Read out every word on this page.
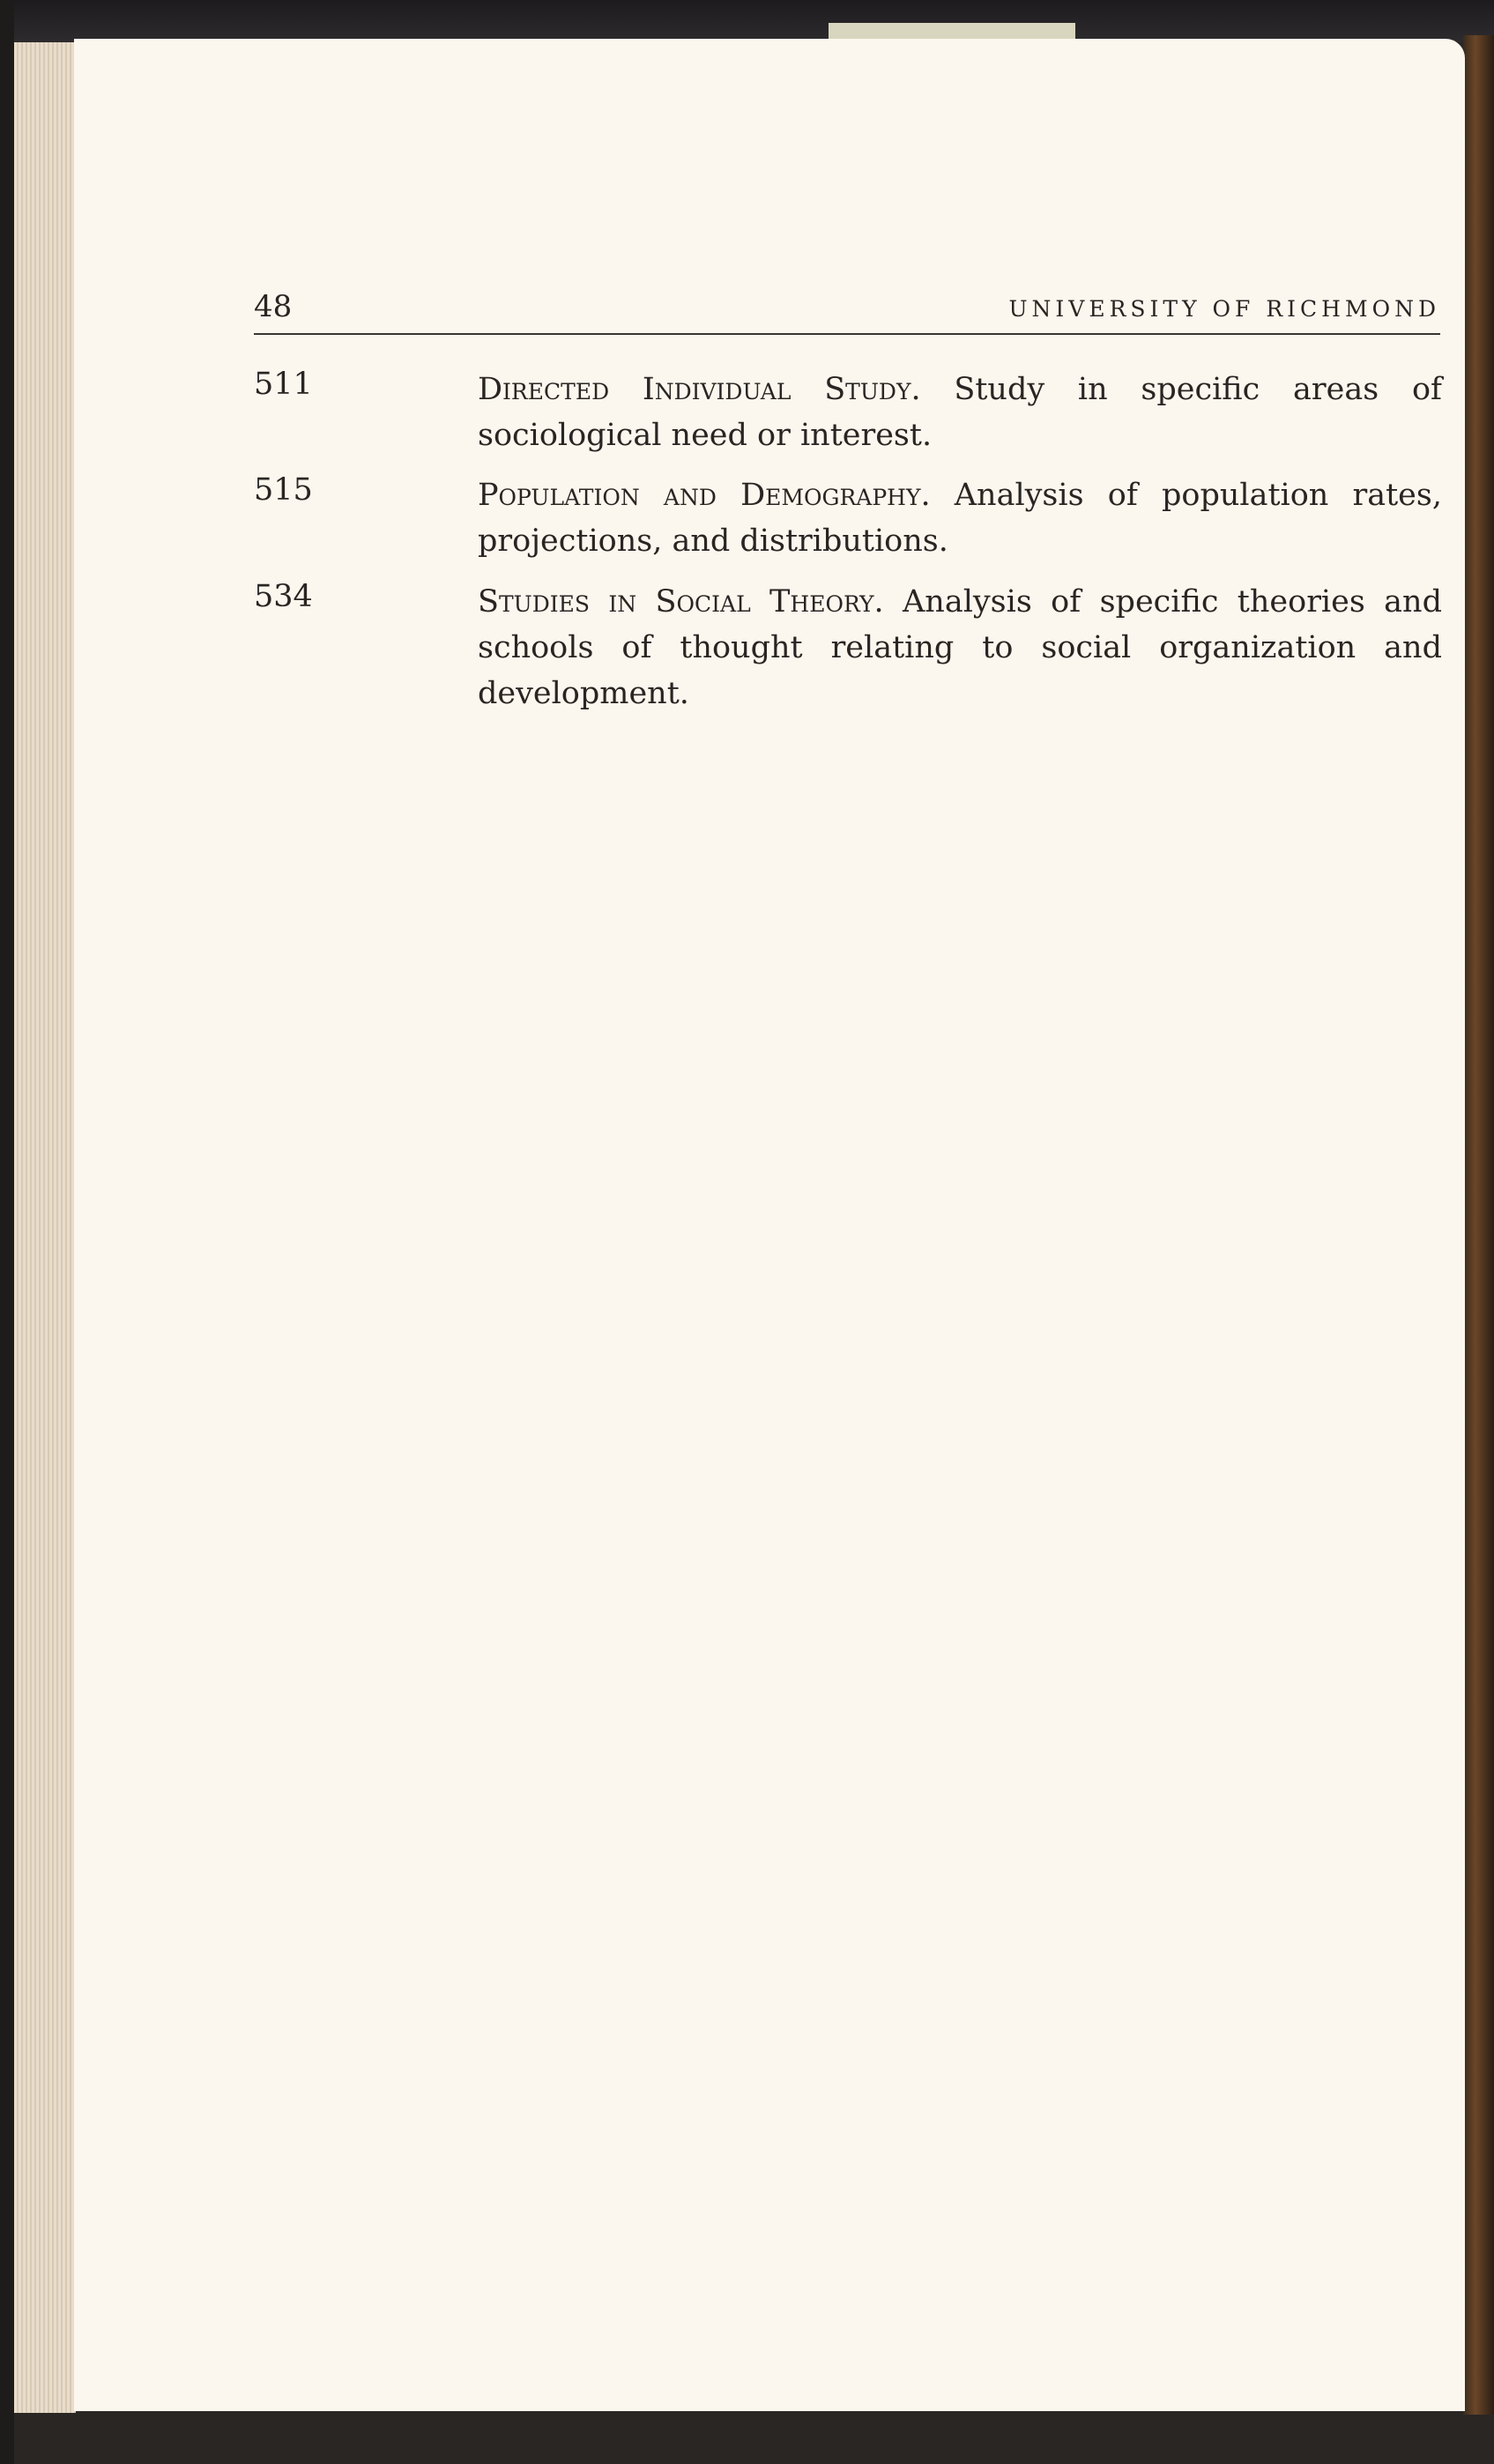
48	UNIVERSITY OF RICHMOND
511	Directed Individual Study. Study in specific areas of sociological need or interest.
515	Population and Demography. Analysis of population rates, projections, and distributions.
534	Studies in Social Theory. Analysis of specific theories and schools of thought relating to social organization and development.
